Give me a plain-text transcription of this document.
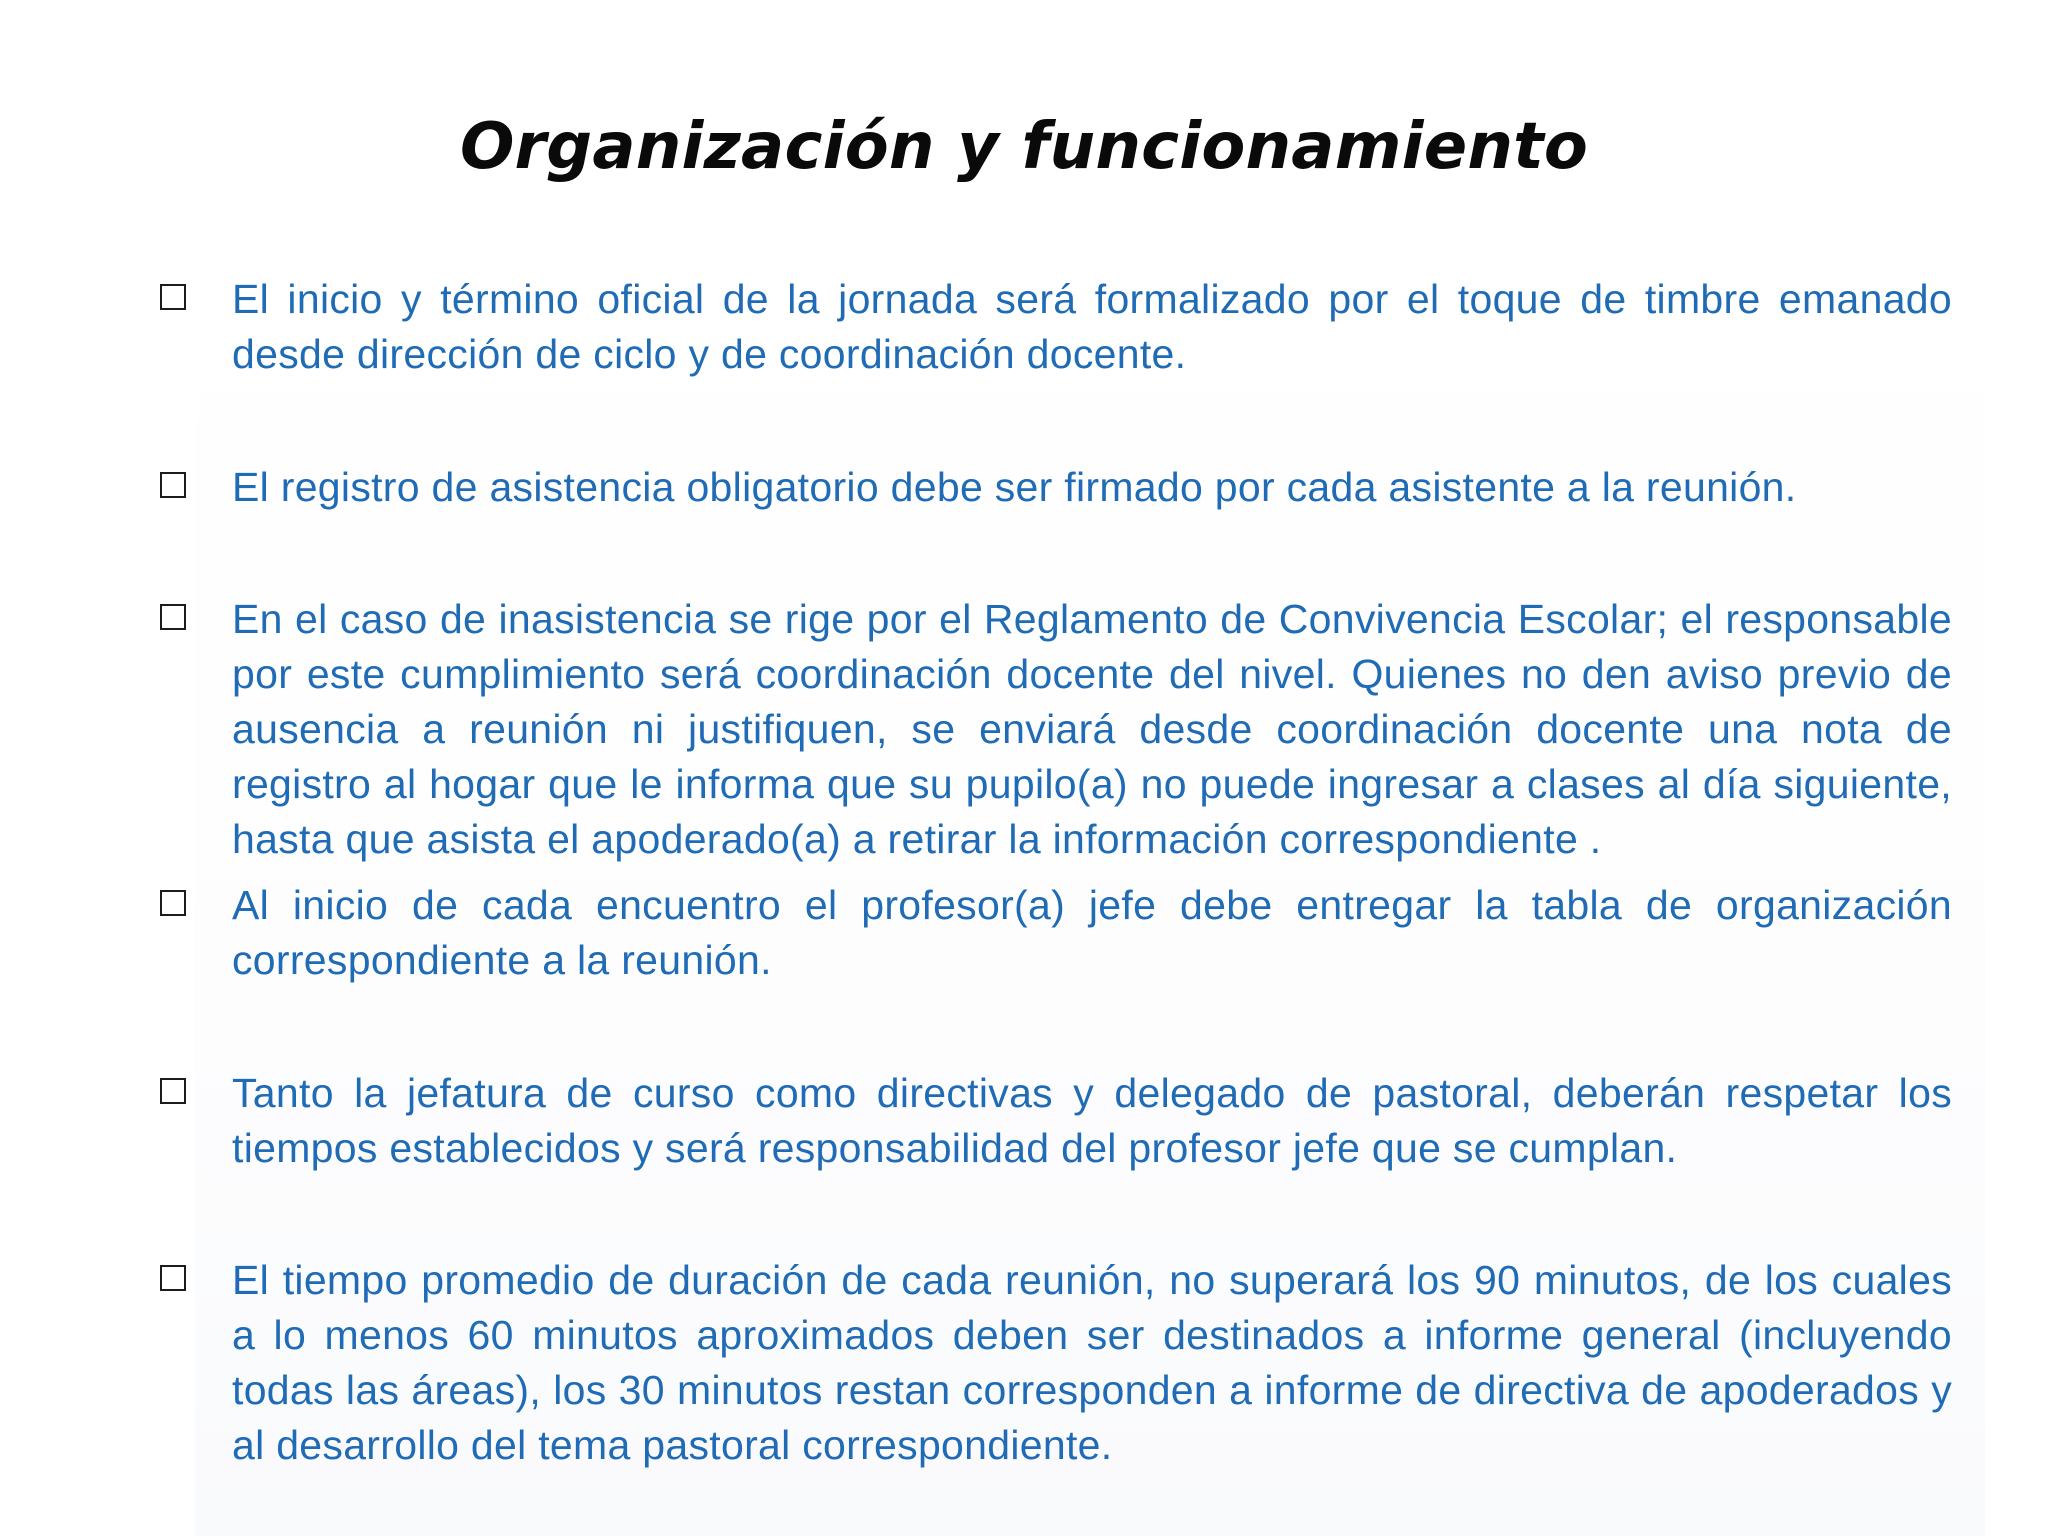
Organización y funcionamiento

El inicio y término oficial de la jornada será formalizado por el toque de timbre emanado desde dirección de ciclo y de coordinación docente.

El registro de asistencia obligatorio debe ser firmado por cada asistente a la reunión.

En el caso de inasistencia se rige por el Reglamento de Convivencia Escolar; el responsable por este cumplimiento será coordinación docente del nivel. Quienes no den aviso previo de ausencia a reunión ni justifiquen, se enviará desde coordinación docente una nota de registro al hogar que le informa que su pupilo(a) no puede ingresar a clases al día siguiente, hasta que asista el apoderado(a) a retirar la información correspondiente .

Al inicio de cada encuentro el profesor(a) jefe debe entregar la tabla de organización correspondiente a la reunión.

Tanto la jefatura de curso como directivas y delegado de pastoral, deberán respetar los tiempos establecidos y será responsabilidad del profesor jefe que se cumplan.

El tiempo promedio de duración de cada reunión, no superará los 90 minutos, de los cuales a lo menos 60 minutos aproximados deben ser destinados a informe general (incluyendo todas las áreas), los 30 minutos restan corresponden a informe de directiva de apoderados y al desarrollo del tema pastoral correspondiente.
